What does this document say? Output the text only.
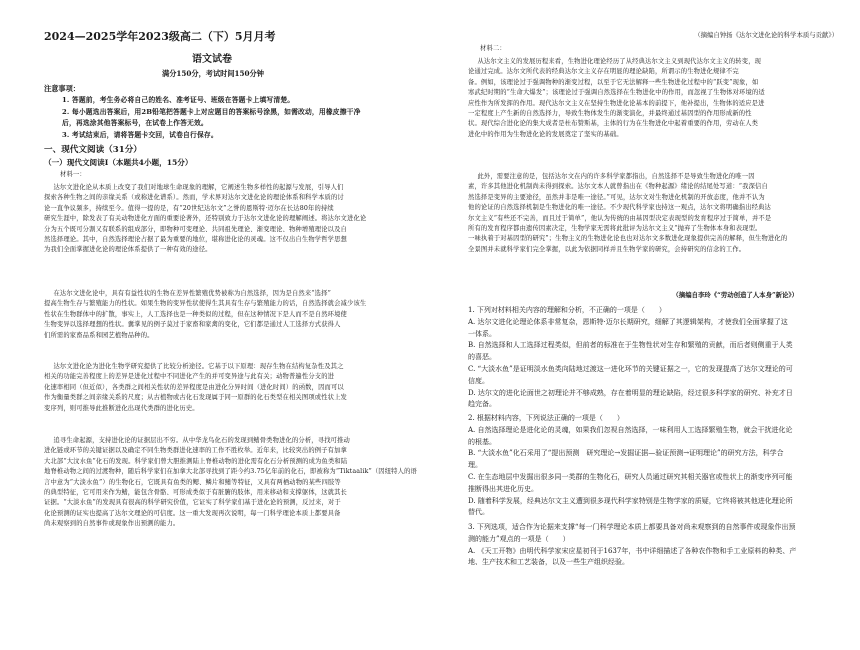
2024—2025学年2023级高二（下）5月月考
语文试卷
满分150分，考试时间150分钟
注意事项：
1. 答题前，考生务必将自己的姓名、准考证号、班级在答题卡上填写清楚。
2. 每小题选出答案后，用2B铅笔把答题卡上对应题目的答案标号涂黑，如需改动，用橡皮擦干净
后，再选涂其他答案标号，在试卷上作答无效。
3. 考试结束后，请将答题卡交回，试卷自行保存。
一、现代文阅读（31分）
（一）现代文阅读Ⅰ（本题共4小题，15分）
材料一：
达尔文进化论从本质上改变了我们对地球生命现象的理解，它阐述生物多样性的起源与发展，引导人们
探索各种生物之间的亲缘关系（或称进化谱系）。然而，学术界对达尔文进化论的理论体系和科学本质的讨
论一直争议频多，持续至今。值得一提的是，有“20世纪达尔文”之誉的恩斯特·迈尔在长达80年的持续
研究生涯中，除发表了有关动物进化方面的重要论著外，还特别致力于达尔文进化论的理解阐述。将达尔文进化论
分为五个既可分割又有联系的组成部分，即物种可变理论、共同祖先理论、渐变理论、物种增殖理论以及自
然选择理论。其中，自然选择理论占据了最为重要的地位，堪称进化论的灵魂。这不仅出自生物学哲学思想
为我们全面掌握进化论的理论体系提供了一种有效的途径。
在达尔文进化论中，具有有益性状的生物在差异性繁殖优势被称为自然选择，因为是自然来“选择”
提高生物生存与繁殖能力的性状。如果生物的变异性状使得生其具有生存与繁殖能力的话，自然选择就会减少该生
性状在生物群体中的扩散，事实上，人工选择也是一种类似的过程，但在这种情况下是人而不是自然环境使
生物变异以选择理想的性状。囊掌见的例子莫过于家畜和家禽的变化，它们都是通过人工选择方式获得人
们所需的家畜品系和园艺植物品种的。
达尔文进化论为进化生物学研究提供了比较分析途径。它基于以下原理：现存生物在结构复杂性及其之
相关的功能完善程度上的差异是进化过程中不同进化产生的并可变异途与此有关；动物普遍性分支的进
化速率相同（但近似），各类群之间相关性状的差异程度是由进化分异时间（进化时间）的函数，因而可以
作为衡量类群之间亲缘关系的尺度；从古植物或古化石发现属于同一原群的化石类型在相关图项或性状上发
变序列，则可推导此推断进化出现代类群的进化历史。
追寻生命起源，支持进化论的证据层出不穷。从中华龙鸟化石的发现到鳍骨类物进化的分析，寻找可推动
进化链或环节的关键证据以及确定不同生物类群进化速率的工作不胜枚举。近年来，比较突出的例子有加拿
大北部“大汶水鱼”化石的发现。科学家们曾大胆推测陆上脊椎动物的进化需有化石分析预测的成为鱼类和陆
地脊椎动物之间的过渡物种，随后科学家们在加拿大北部寻找到了距今约3.75亿年前的化石，即被称为“Tiktaalik”（因纽特人的语
言中意为“大淡水鱼”）的生物化石，它既具有鱼类的鳃、鳞片和鳍等特征，又具有两栖动物的某些四肢等
的典型特征，它可用来作为鳍，能包含骨骼、可形成类似于有脏腑的肢体，用来移动和支撑躯体，这就其长
证据。“大淡水鱼”的发现具有很高的科学研究价值，它证实了科学家们基于进化论的预测，反过来，对于
化论预测的证实也提高了达尔文理论的可信度。这一重大发现再次说明，每一门科学理论本质上都要具备
尚未观察到的自然事件或现象作出预测的能力。
（摘编自钟扬《达尔文进化论的科学本质与贡献》）
材料二：
从达尔文主义的发展历程来看，生物进化理论经历了从经典达尔文主义到现代达尔文主义的转变，现
论通过完成。达尔文所代表的经典达尔文主义存在明显的理论缺陷，所谓示的生物进化规律不完
备。例如，该理论过于强调物种的渐变过程，以至于它无法解释一些生物进化过程中的“跃变”现象，如
寒武纪时期的“生命大爆发”；该理论过于强调自然选择在生物进化中的作用，而忽视了生物体对环境的适
应性作为所发挥的作用。现代达尔文主义在坚持生物进化论基本的前提下，他补提出，生物体的适应是进
一定程度上产生新的自然选择力，导致生物体发生的渐变演化，并最终通过基因型的作用形成新的性
状。现代综合进化论的集大成者是杜布赞斯基，主体的行为在生物进化中起着重要的作用，劳动在人类
进化中的作用为生物进化论的发展奠定了坚实的基础。
此外，需要注意的是，包括达尔文在内的许多科学家都指出，自然选择不是导致生物进化的唯一因
素，许多其他进化机制尚未得到探索。达尔文本人就曾指出在《物种起源》绪论的结尾处写道：“我深信自
然选择是变异的主要途径，虽然并非是唯一途径。”可见，达尔文对生物进化机制的开放态度，他并不认为
他的论证的自然选择机制是生物进化的唯一途径。不少现代科学家也持这一观点，达尔文将明确指出经典达
尔文主义“有些还不完善，而且过于简单”，他认为传统的由基因型决定表现型的发育程序过于简单，并不是
所有的发育程序都由遗传因素决定，生物学家无需将此批评为达尔文主义“抛弃了生物体本身和表现型。
一味执着于对基因型的研究”；生物主义的生物进化论也也对达尔文多数进化现象提供完善的解释，但生物进化的
全景图并未就科学家们完全掌握，以此为依据同样并且生物学家的研究，会持研究的信念的工作。
（摘编自李玲《“劳动创造了人本身”新论》）
1. 下列对材料相关内容的理解和分析，不正确的一项是（　　）
A. 达尔文进化论理论体系非常复杂，恩斯特·迈尔长期研究，细解了其逻辑架构，才使我们全面掌握了这
一体系。
B. 自然选择和人工选择过程类似，但前者的标准在于生物性状对生存和繁殖的贡献，而后者则侧重于人类
的喜恶。
C. “大淡水鱼”是证明淡水鱼类向陆地过渡这一进化环节的关键证据之一，它的发现提高了达尔文理论的可
信度。
D. 达尔文的进化论面世之初理论并不够成熟，存在着明显的理论缺陷，经过很多科学家的研究、补充才日
趋完备。
2. 根据材料内容，下列说法正确的一项是（　　）
A. 自然选择理论是进化论的灵魂，如果我们忽视自然选择，一味利用人工选择繁殖生物，就会干扰进化论
的根基。
B. “大淡水鱼”化石采用了“提出预测　研究理论→发掘证据—验证预测→证明理论”的研究方法，科学合
理。
C. 在生态地层中发掘出很多同一类群的生物化石，研究人员通过研究其相关器官或性状上的渐变序列可能
推断得出其进化历史。
D. 随着科学发展，经典达尔文主义遭到很多现代科学家特别是生物学家的质疑，它终将被其他进化理论所
替代。
3. 下列选项，适合作为论据来支撑“每一门科学理论本质上都要具备对尚未观察到的自然事件或现象作出预
测的能力”观点的一项是（　　）
A. 《天工开物》由明代科学家宋应星初刊于1637年，书中详细描述了各种农作物和手工业原料的种类、产
地、生产技术和工艺装备，以及一些生产组织经验。
